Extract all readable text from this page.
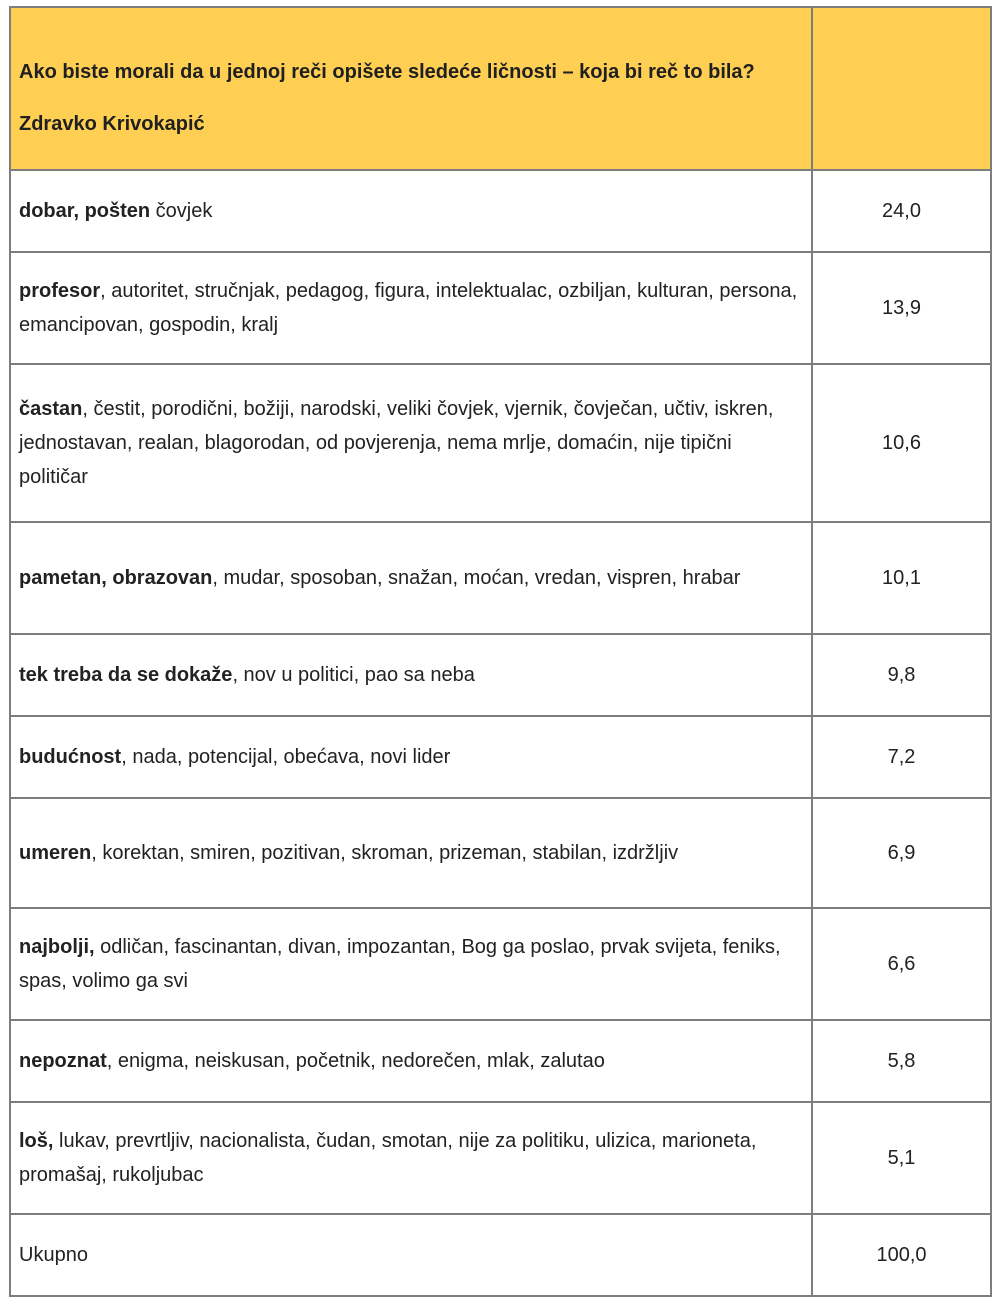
Ako biste morali da u jednoj reči opišete sledeće ličnosti – koja bi reč to bila?
Zdravko Krivokapić	

dobar, pošten čovjek	24,0
profesor, autoritet, stručnjak, pedagog, figura, intelektualac, ozbiljan, kulturan, persona, emancipovan, gospodin, kralj	13,9
častan, čestit, porodični, božiji, narodski, veliki čovjek, vjernik, čovječan, učtiv, iskren, jednostavan, realan, blagorodan, od povjerenja, nema mrlje, domaćin, nije tipični političar	10,6
pametan, obrazovan, mudar, sposoban, snažan, moćan, vredan, vispren, hrabar	10,1
tek treba da se dokaže, nov u politici, pao sa neba	9,8
budućnost, nada, potencijal, obećava, novi lider	7,2
umeren, korektan, smiren, pozitivan, skroman, prizeman, stabilan, izdržljiv	6,9
najbolji, odličan, fascinantan, divan, impozantan, Bog ga poslao, prvak svijeta, feniks, spas, volimo ga svi	6,6
nepoznat, enigma, neiskusan, početnik, nedorečen, mlak, zalutao	5,8
loš, lukav, prevrtljiv, nacionalista, čudan, smotan, nije za politiku, ulizica, marioneta, promašaj, rukoljubac	5,1
Ukupno	100,0
